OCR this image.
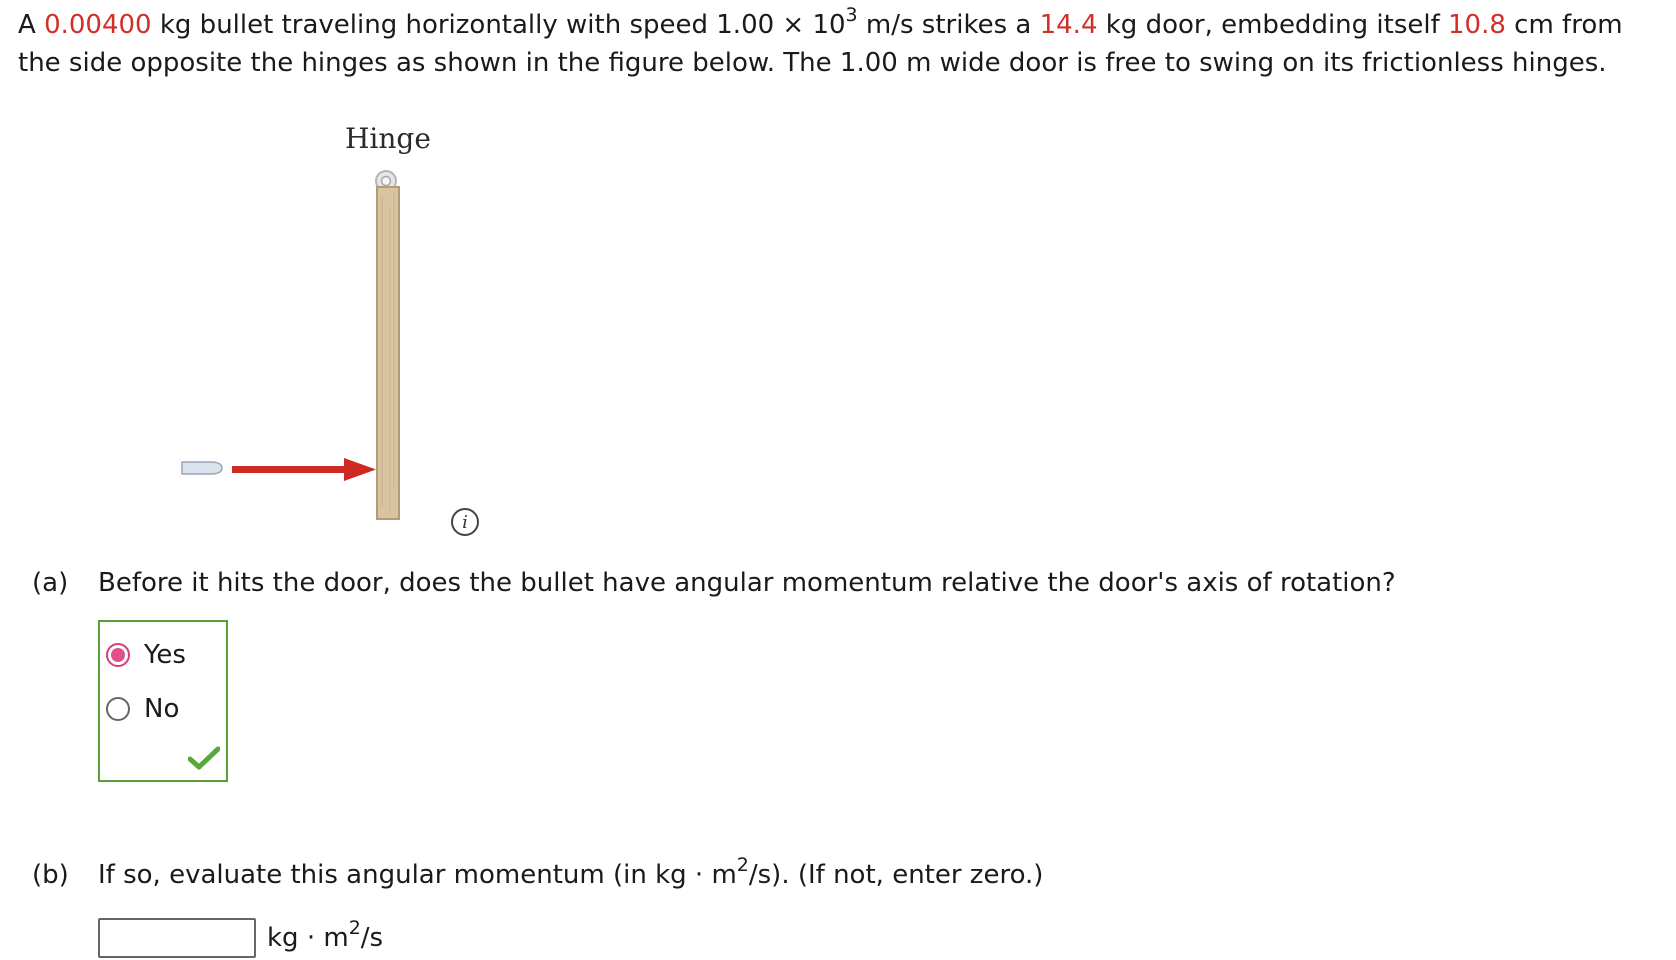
A 0.00400 kg bullet traveling horizontally with speed $1.00 \times 10^3$ m/s strikes a 14.4 kg door, embedding itself 10.8 cm from the side opposite the hinges as shown in the figure below. The 1.00 m wide door is free to swing on its frictionless hinges.
Hinge
i
(a) Before it hits the door, does the bullet have angular momentum relative the door's axis of rotation?
Yes
No
(b) If so, evaluate this angular momentum (in kg · $m^2/s$). (If not, enter zero.)
kg · $m^2/s$
